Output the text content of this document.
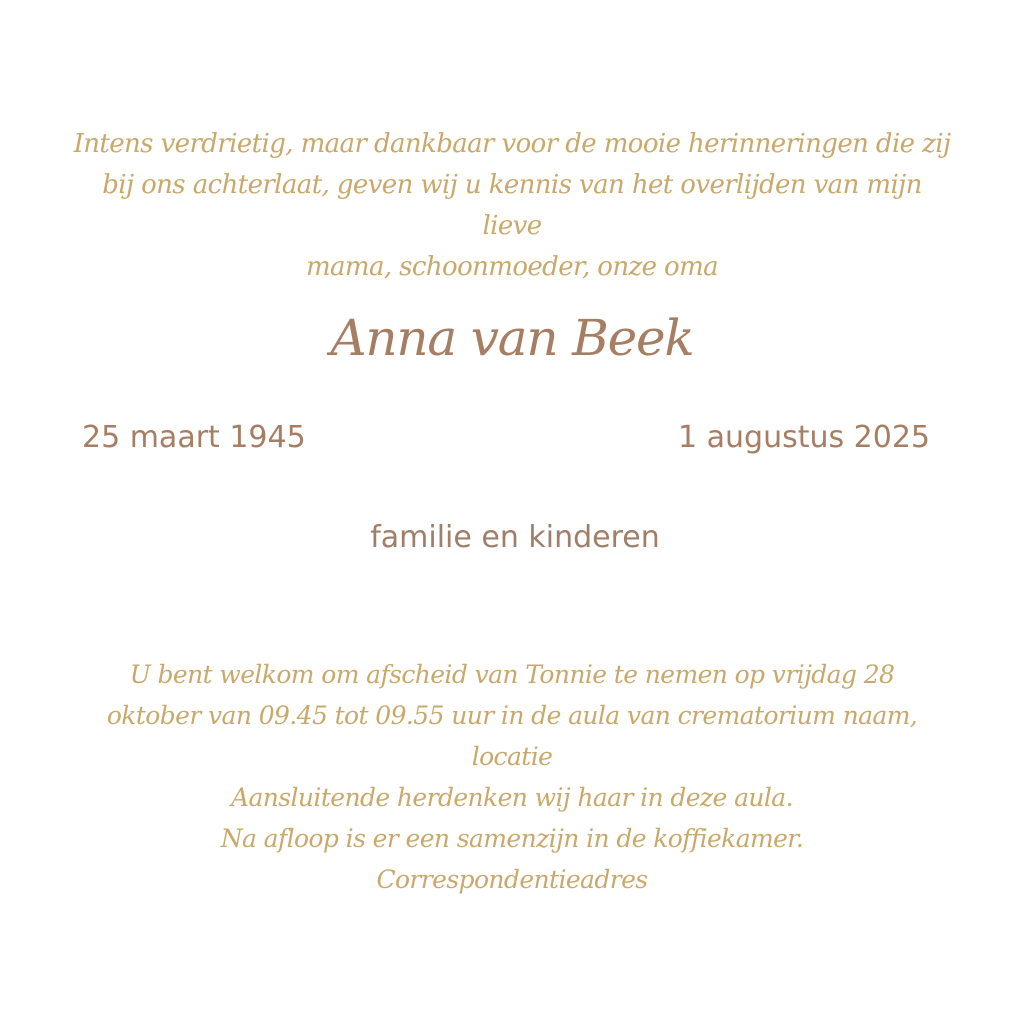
Intens verdrietig, maar dankbaar voor de mooie herinneringen die zij
bij ons achterlaat, geven wij u kennis van het overlijden van mijn lieve
mama, schoonmoeder, onze oma
Anna van Beek
25 maart 1945	1 augustus 2025
familie en kinderen
U bent welkom om afscheid van Tonnie te nemen op vrijdag 28
oktober van 09.45 tot 09.55 uur in de aula van crematorium naam,
locatie
Aansluitende herdenken wij haar in deze aula.
Na afloop is er een samenzijn in de koffiekamer.
Correspondentieadres
